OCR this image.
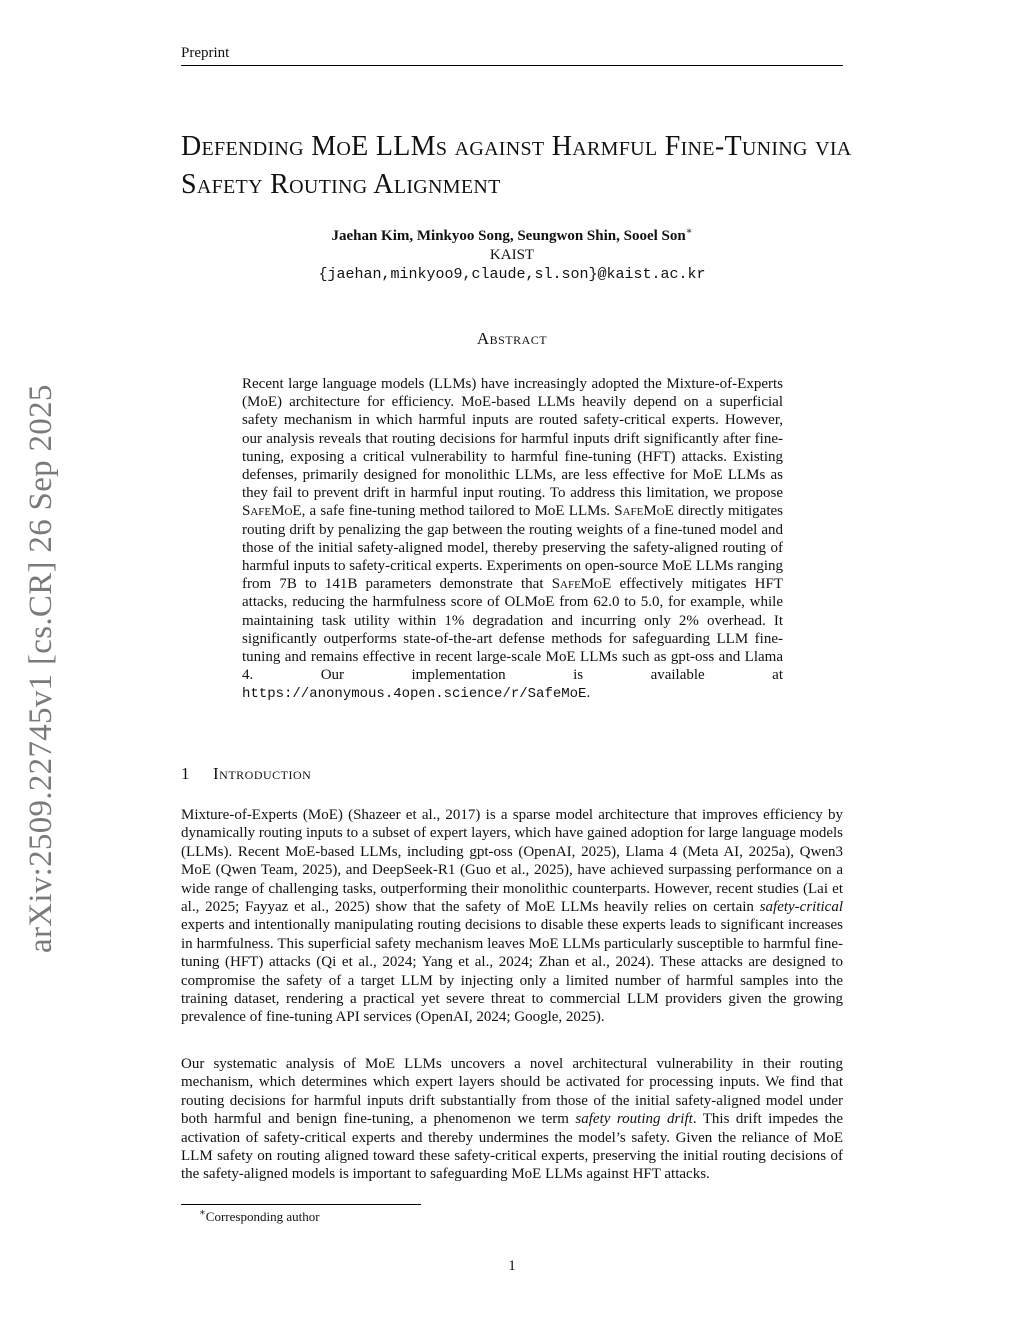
Preprint
Defending MoE LLMs against Harmful Fine-Tuning via Safety Routing Alignment
Jaehan Kim, Minkyoo Song, Seungwon Shin, Sooel Son∗
KAIST
{jaehan,minkyoo9,claude,sl.son}@kaist.ac.kr
Abstract
Recent large language models (LLMs) have increasingly adopted the Mixture-of-Experts (MoE) architecture for efficiency. MoE-based LLMs heavily depend on a superficial safety mechanism in which harmful inputs are routed safety-critical experts. However, our analysis reveals that routing decisions for harmful inputs drift significantly after fine-tuning, exposing a critical vulnerability to harmful fine-tuning (HFT) attacks. Existing defenses, primarily designed for monolithic LLMs, are less effective for MoE LLMs as they fail to prevent drift in harmful input routing. To address this limitation, we propose SafeMoE, a safe fine-tuning method tailored to MoE LLMs. SafeMoE directly mitigates routing drift by penalizing the gap between the routing weights of a fine-tuned model and those of the initial safety-aligned model, thereby preserving the safety-aligned routing of harmful inputs to safety-critical experts. Experiments on open-source MoE LLMs ranging from 7B to 141B parameters demonstrate that SafeMoE effectively mitigates HFT attacks, reducing the harmfulness score of OLMoE from 62.0 to 5.0, for example, while maintaining task utility within 1% degradation and incurring only 2% overhead. It significantly outperforms state-of-the-art defense methods for safeguarding LLM fine-tuning and remains effective in recent large-scale MoE LLMs such as gpt-oss and Llama 4. Our implementation is available at https://anonymous.4open.science/r/SafeMoE.
1 Introduction

Mixture-of-Experts (MoE) (Shazeer et al., 2017) is a sparse model architecture that improves efficiency by dynamically routing inputs to a subset of expert layers, which have gained adoption for large language models (LLMs). Recent MoE-based LLMs, including gpt-oss (OpenAI, 2025), Llama 4 (Meta AI, 2025a), Qwen3 MoE (Qwen Team, 2025), and DeepSeek-R1 (Guo et al., 2025), have achieved surpassing performance on a wide range of challenging tasks, outperforming their monolithic counterparts. However, recent studies (Lai et al., 2025; Fayyaz et al., 2025) show that the safety of MoE LLMs heavily relies on certain safety-critical experts and intentionally manipulating routing decisions to disable these experts leads to significant increases in harmfulness. This superficial safety mechanism leaves MoE LLMs particularly susceptible to harmful fine-tuning (HFT) attacks (Qi et al., 2024; Yang et al., 2024; Zhan et al., 2024). These attacks are designed to compromise the safety of a target LLM by injecting only a limited number of harmful samples into the training dataset, rendering a practical yet severe threat to commercial LLM providers given the growing prevalence of fine-tuning API services (OpenAI, 2024; Google, 2025).

Our systematic analysis of MoE LLMs uncovers a novel architectural vulnerability in their routing mechanism, which determines which expert layers should be activated for processing inputs. We find that routing decisions for harmful inputs drift substantially from those of the initial safety-aligned model under both harmful and benign fine-tuning, a phenomenon we term safety routing drift. This drift impedes the activation of safety-critical experts and thereby undermines the model’s safety. Given the reliance of MoE LLM safety on routing aligned toward these safety-critical experts, preserving the initial routing decisions of the safety-aligned models is important to safeguarding MoE LLMs against HFT attacks.

∗Corresponding author
1
arXiv:2509.22745v1 [cs.CR] 26 Sep 2025
